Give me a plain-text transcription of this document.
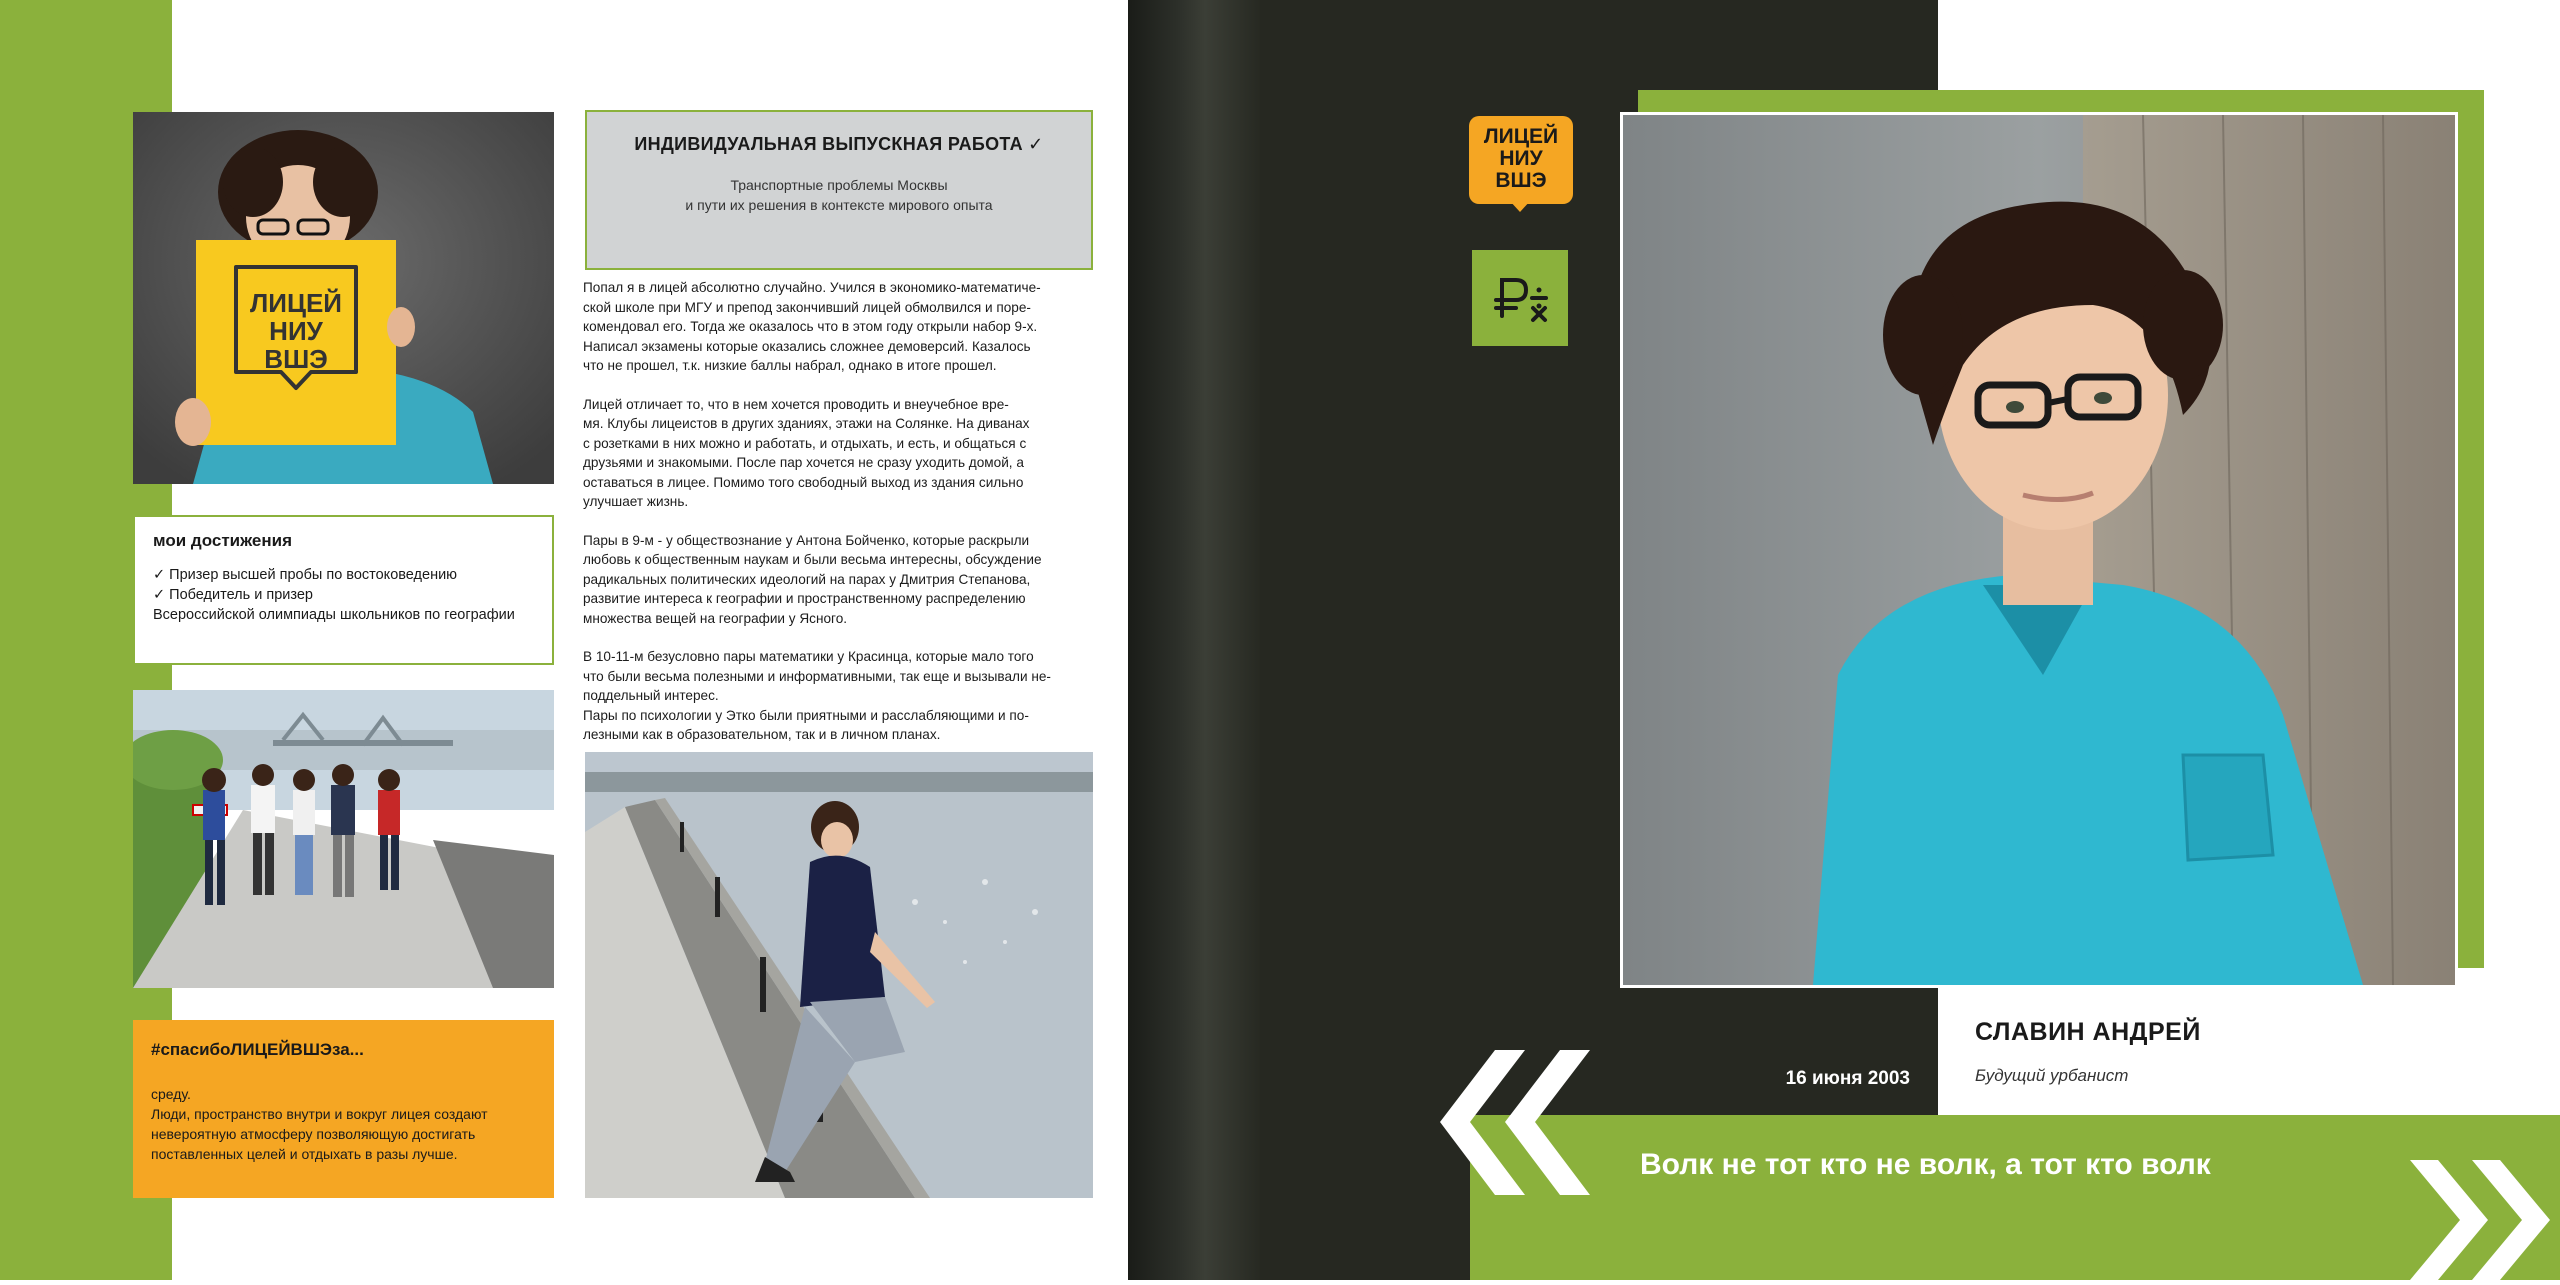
ЛИЦЕЙ
НИУ
ВШЭ
мои достижения
✓ Призер высшей пробы по востоковедению
✓ Победитель и призер
Всероссийской олимпиады школьников по географии
#спасибоЛИЦЕЙВШЭза...
среду.
Люди, пространство внутри и вокруг лицея создают
невероятную атмосферу позволяющую достигать
поставленных целей и отдыхать в разы лучше.
ИНДИВИДУАЛЬНАЯ ВЫПУСКНАЯ РАБОТА ✓
Транспортные проблемы Москвы
и пути их решения в контексте мирового опыта

Попал я в лицей абсолютно случайно. Учился в экономико-математиче-
ской школе при МГУ и препод закончивший лицей обмолвился и поре-
комендовал его. Тогда же оказалось что в этом году открыли набор 9-х.
Написал экзамены которые оказались сложнее демоверсий. Казалось
что не прошел, т.к. низкие баллы набрал, однако в итоге прошел.

Лицей отличает то, что в нем хочется проводить и внеучебное вре-
мя. Клубы лицеистов в других зданиях, этажи на Солянке. На диванах
с розетками в них можно и работать, и отдыхать, и есть, и общаться с
друзьями и знакомыми. После пар хочется не сразу уходить домой, а
оставаться в лицее. Помимо того свободный выход из здания сильно
улучшает жизнь.

Пары в 9-м - у обществознание у Антона Бойченко, которые раскрыли
любовь к общественным наукам и были весьма интересны, обсуждение
радикальных политических идеологий на парах у Дмитрия Степанова,
развитие интереса к географии и пространственному распределению
множества вещей на географии у Ясного.

В 10-11-м безусловно пары математики у Красинца, которые мало того
что были весьма полезными и информативными, так еще и вызывали не-
поддельный интерес.

Пары по психологии у Этко были приятными и расслабляющими и по-
лезными как в образовательном, так и в личном планах.

ЛИЦЕЙ
НИУ
ВШЭ
16 июня 2003
СЛАВИН АНДРЕЙ
Будущий урбанист
Волк не тот кто не волк, а тот кто волк
